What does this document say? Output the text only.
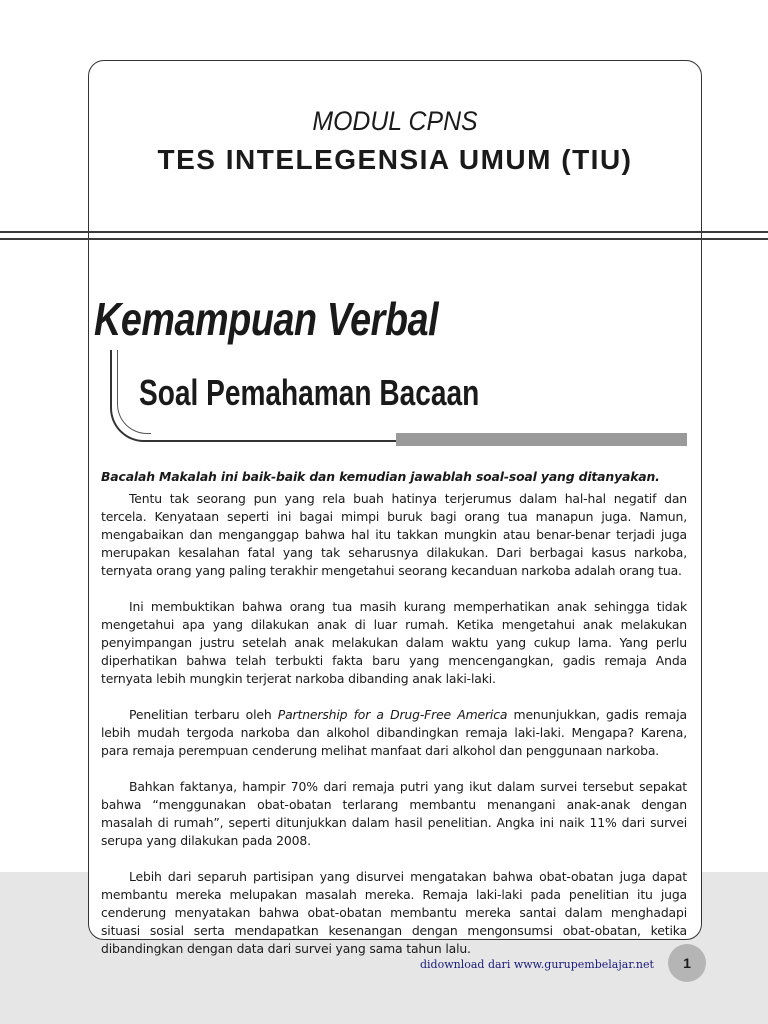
MODUL CPNS
TES INTELEGENSIA UMUM (TIU)
Kemampuan Verbal
Soal Pemahaman Bacaan

Bacalah Makalah ini baik-baik dan kemudian jawablah soal-soal yang ditanyakan.

Tentu tak seorang pun yang rela buah hatinya terjerumus dalam hal-hal negatif dan tercela. Kenyataan seperti ini bagai mimpi buruk bagi orang tua manapun juga. Namun, mengabaikan dan menganggap bahwa hal itu takkan mungkin atau benar-benar terjadi juga merupakan kesalahan fatal yang tak seharusnya dilakukan. Dari berbagai kasus narkoba, ternyata orang yang paling terakhir mengetahui seorang kecanduan narkoba adalah orang tua.

Ini membuktikan bahwa orang tua masih kurang memperhatikan anak sehingga tidak mengetahui apa yang dilakukan anak di luar rumah. Ketika mengetahui anak melakukan penyimpangan justru setelah anak melakukan dalam waktu yang cukup lama. Yang perlu diperhatikan bahwa telah terbukti fakta baru yang mencengangkan, gadis remaja Anda ternyata lebih mungkin terjerat narkoba dibanding anak laki-laki.

Penelitian terbaru oleh Partnership for a Drug-Free America menunjukkan, gadis remaja lebih mudah tergoda narkoba dan alkohol dibandingkan remaja laki-laki. Mengapa? Karena, para remaja perempuan cenderung melihat manfaat dari alkohol dan penggunaan narkoba.

Bahkan faktanya, hampir 70% dari remaja putri yang ikut dalam survei tersebut sepakat bahwa “menggunakan obat-obatan terlarang membantu menangani anak-anak dengan masalah di rumah”, seperti ditunjukkan dalam hasil penelitian. Angka ini naik 11% dari survei serupa yang dilakukan pada 2008.

Lebih dari separuh partisipan yang disurvei mengatakan bahwa obat-obatan juga dapat membantu mereka melupakan masalah mereka. Remaja laki-laki pada penelitian itu juga cenderung menyatakan bahwa obat-obatan membantu mereka santai dalam menghadapi situasi sosial serta mendapatkan kesenangan dengan mengonsumsi obat-obatan, ketika dibandingkan dengan data dari survei yang sama tahun lalu.

didownload dari www.gurupembelajar.net	1
